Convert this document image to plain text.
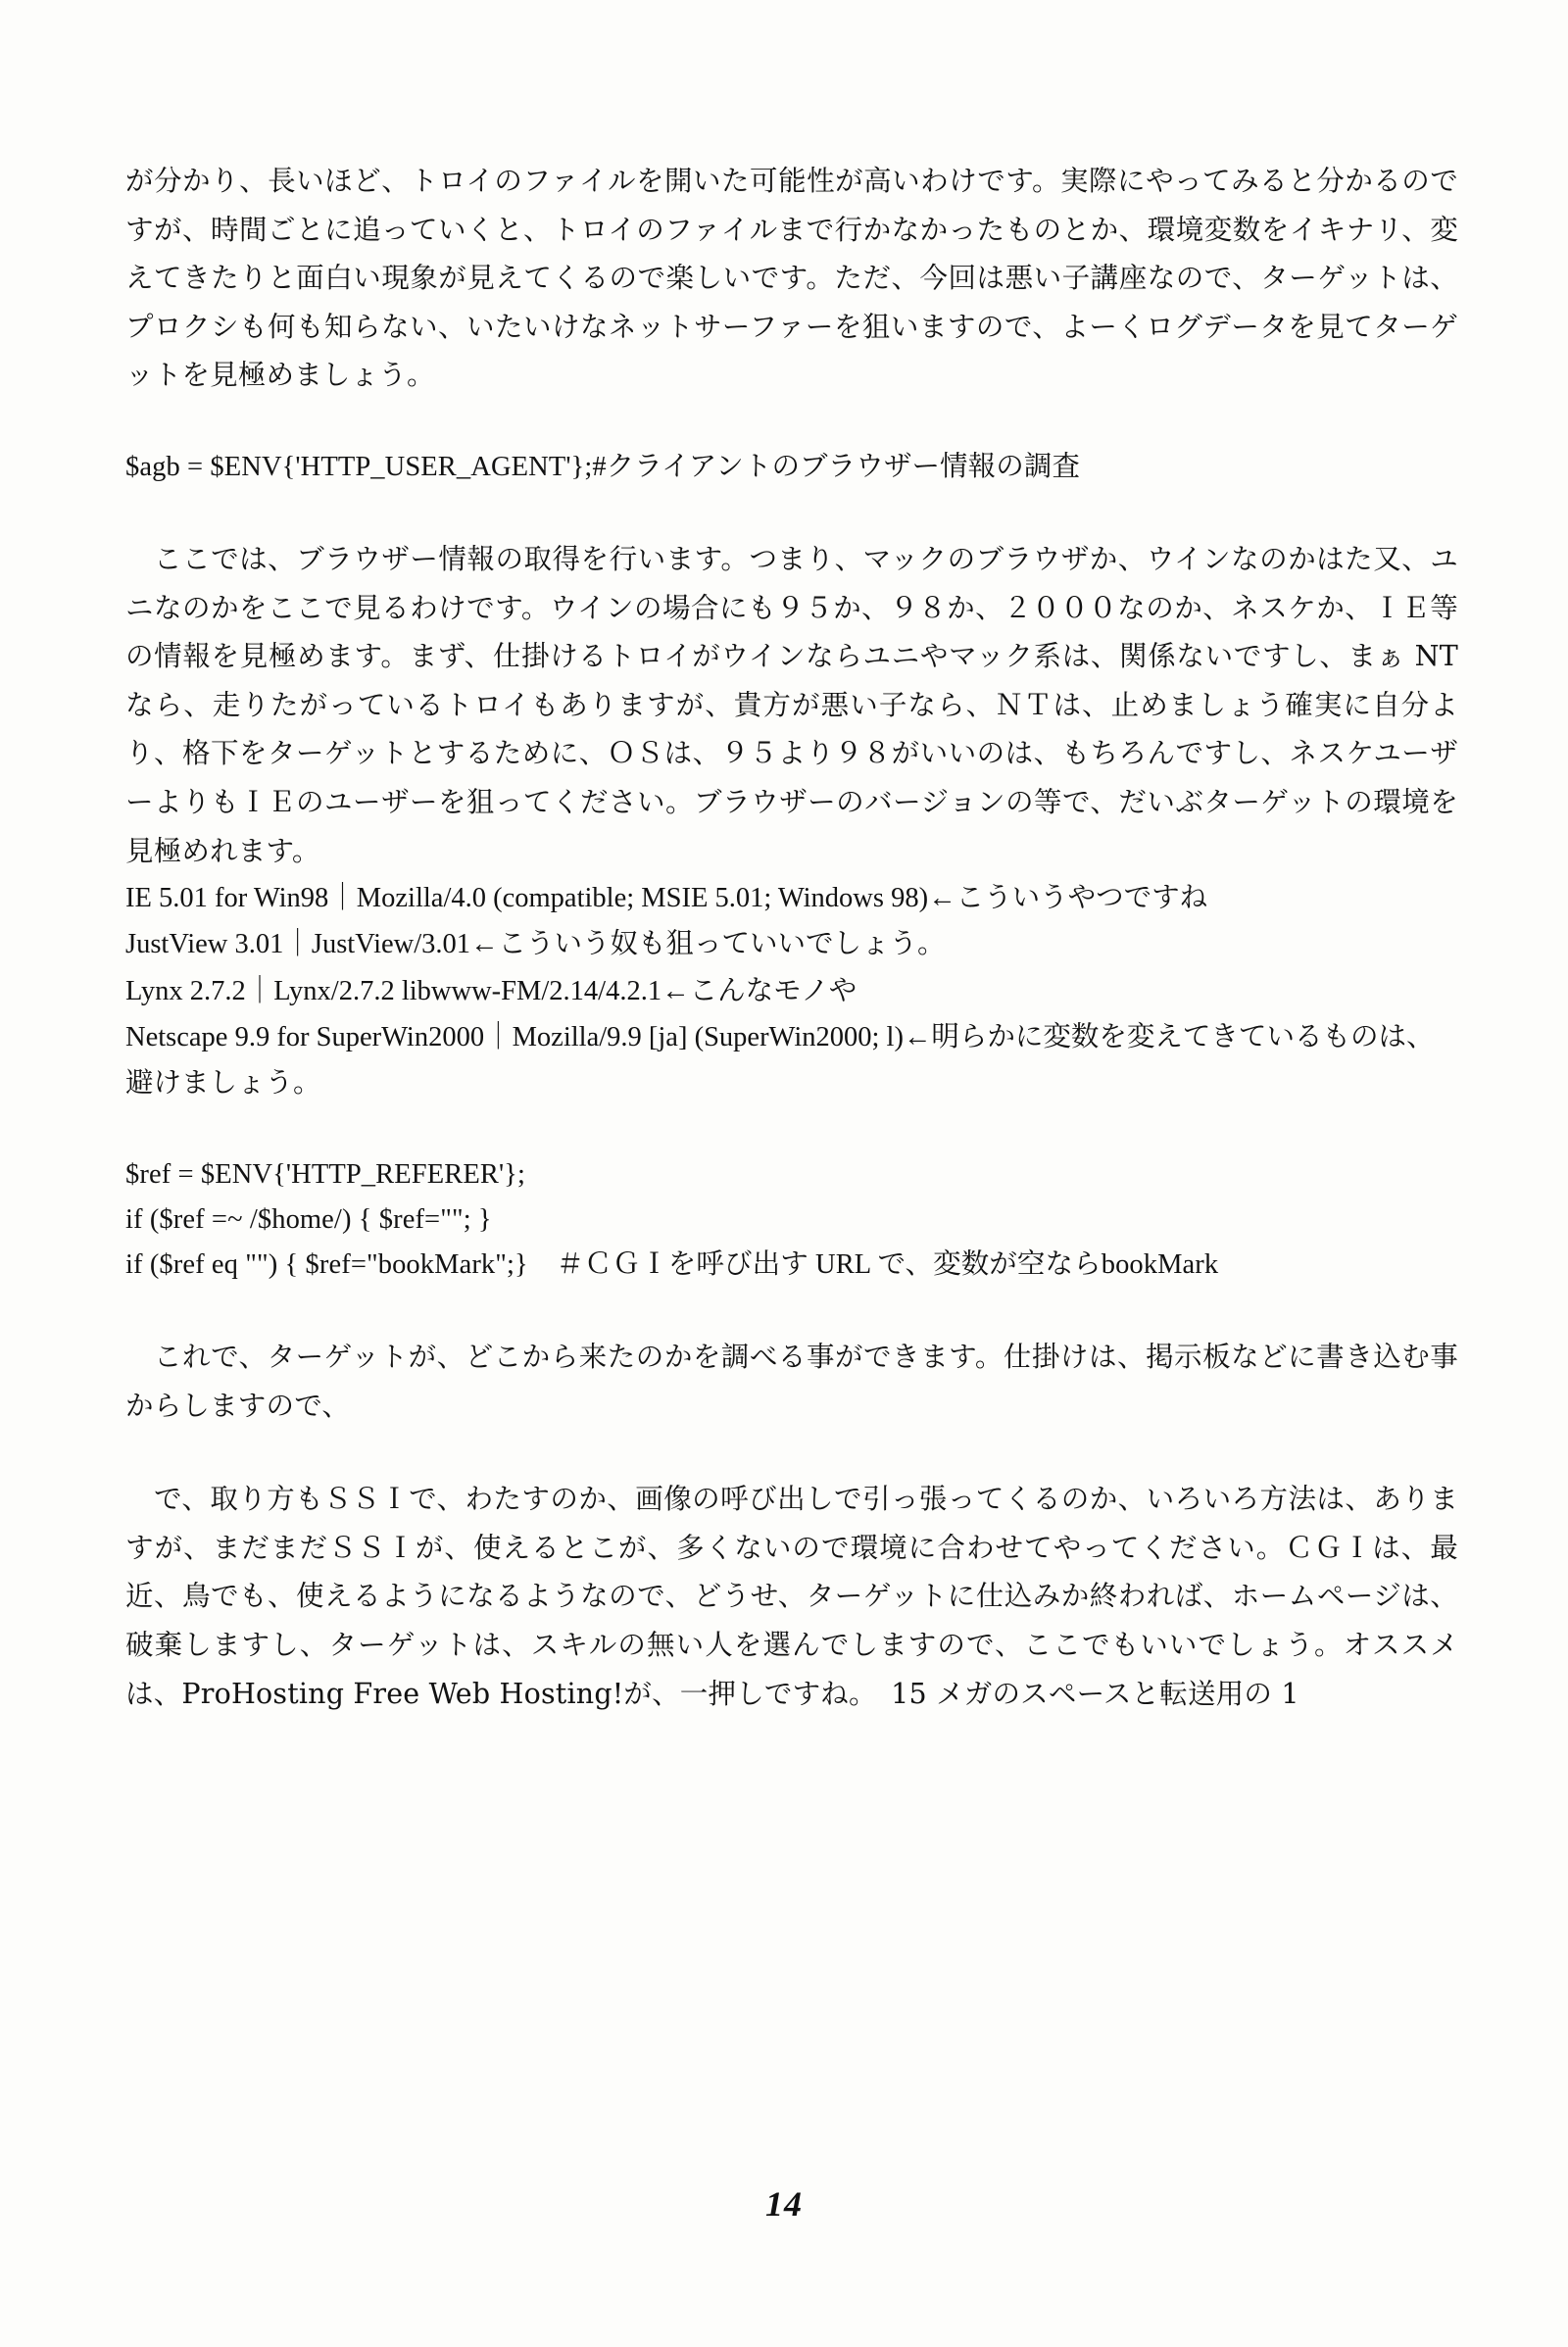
が分かり、長いほど、トロイのファイルを開いた可能性が高いわけです。実際にやってみると分かるのですが、時間ごとに追っていくと、トロイのファイルまで行かなかったものとか、環境変数をイキナリ、変えてきたりと面白い現象が見えてくるので楽しいです。ただ、今回は悪い子講座なので、ターゲットは、プロクシも何も知らない、いたいけなネットサーファーを狙いますので、よーくログデータを見てターゲットを見極めましょう。

$agb = $ENV{'HTTP_USER_AGENT'};#クライアントのブラウザー情報の調査

　ここでは、ブラウザー情報の取得を行います。つまり、マックのブラウザか、ウインなのかはた又、ユニなのかをここで見るわけです。ウインの場合にも９５か、９８か、２０００なのか、ネスケか、ＩＥ等の情報を見極めます。まず、仕掛けるトロイがウインならユニやマック系は、関係ないですし、まぁ NT なら、走りたがっているトロイもありますが、貴方が悪い子なら、ＮＴは、止めましょう確実に自分より、格下をターゲットとするために、ＯＳは、９５より９８がいいのは、もちろんですし、ネスケユーザーよりもＩＥのユーザーを狙ってください。ブラウザーのバージョンの等で、だいぶターゲットの環境を見極めれます。

IE 5.01 for Win98｜Mozilla/4.0 (compatible; MSIE 5.01; Windows 98)←こういうやつですね

JustView 3.01｜JustView/3.01←こういう奴も狙っていいでしょう。

Lynx 2.7.2｜Lynx/2.7.2 libwww-FM/2.14/4.2.1←こんなモノや

Netscape 9.9 for SuperWin2000｜Mozilla/9.9 [ja] (SuperWin2000; l)←明らかに変数を変えてきているものは、避けましょう。

$ref = $ENV{'HTTP_REFERER'};

if ($ref =~ /$home/) { $ref=""; }

if ($ref eq "") { $ref="bookMark";}　＃ＣＧＩを呼び出す URL で、変数が空ならbookMark

　これで、ターゲットが、どこから来たのかを調べる事ができます。仕掛けは、掲示板などに書き込む事からしますので、

　で、取り方もＳＳＩで、わたすのか、画像の呼び出しで引っ張ってくるのか、いろいろ方法は、ありますが、まだまだＳＳＩが、使えるとこが、多くないので環境に合わせてやってください。ＣＧＩは、最近、鳥でも、使えるようになるようなので、どうせ、ターゲットに仕込みか終われば、ホームページは、破棄しますし、ターゲットは、スキルの無い人を選んでしますので、ここでもいいでしょう。オススメは、ProHosting Free Web Hosting!が、一押しですね。　15 メガのスペースと転送用の 1

14
